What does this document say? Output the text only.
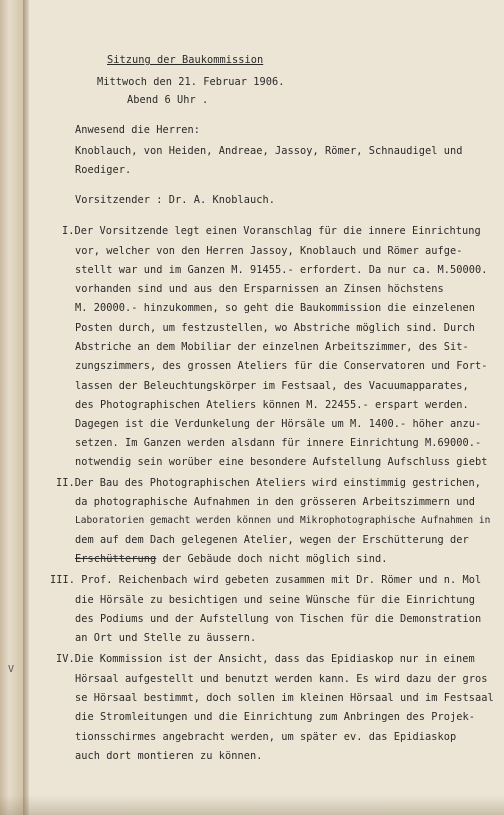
Sitzung der Baukommission
Mittwoch den 21. Februar 1906.
Abend 6 Uhr .
Anwesend die Herren:
Knoblauch, von Heiden, Andreae, Jassoy, Römer, Schnaudigel und
Roediger.
Vorsitzender : Dr. A. Knoblauch.
I.Der Vorsitzende legt einen Voranschlag für die innere Einrichtung
vor, welcher von den Herren Jassoy, Knoblauch und Römer aufge-
stellt war und im Ganzen M. 91455.- erfordert. Da nur ca. M.50000.
vorhanden sind und aus den Ersparnissen an Zinsen höchstens
M. 20000.- hinzukommen, so geht die Baukommission die einzelenen
Posten durch, um festzustellen, wo Abstriche möglich sind. Durch
Abstriche an dem Mobiliar der einzelnen Arbeitszimmer, des Sit-
zungszimmers, des grossen Ateliers für die Conservatoren und Fort-
lassen der Beleuchtungskörper im Festsaal, des Vacuumapparates,
des Photographischen Ateliers können M. 22455.- erspart werden.
Dagegen ist die Verdunkelung der Hörsäle um M. 1400.- höher anzu-
setzen. Im Ganzen werden alsdann für innere Einrichtung M.69000.-
notwendig sein worüber eine besondere Aufstellung Aufschluss giebt
II.Der Bau des Photographischen Ateliers wird einstimmig gestrichen,
da photographische Aufnahmen in den grösseren Arbeitszimmern und
Laboratorien gemacht werden können und Mikrophotographische Aufnahmen in
dem auf dem Dach gelegenen Atelier, wegen der Erschütterung der
Erschütterung der Gebäude doch nicht möglich sind.
III. Prof. Reichenbach wird gebeten zusammen mit Dr. Römer und n. Mol
die Hörsäle zu besichtigen und seine Wünsche für die Einrichtung
des Podiums und der Aufstellung von Tischen für die Demonstration
an Ort und Stelle zu äussern.
IV.Die Kommission ist der Ansicht, dass das Epidiaskop nur in einem
Hörsaal aufgestellt und benutzt werden kann. Es wird dazu der gros
se Hörsaal bestimmt, doch sollen im kleinen Hörsaal und im Festsaal
die Stromleitungen und die Einrichtung zum Anbringen des Projek-
tionsschirmes angebracht werden, um später ev. das Epidiaskop
auch dort montieren zu können.
V
